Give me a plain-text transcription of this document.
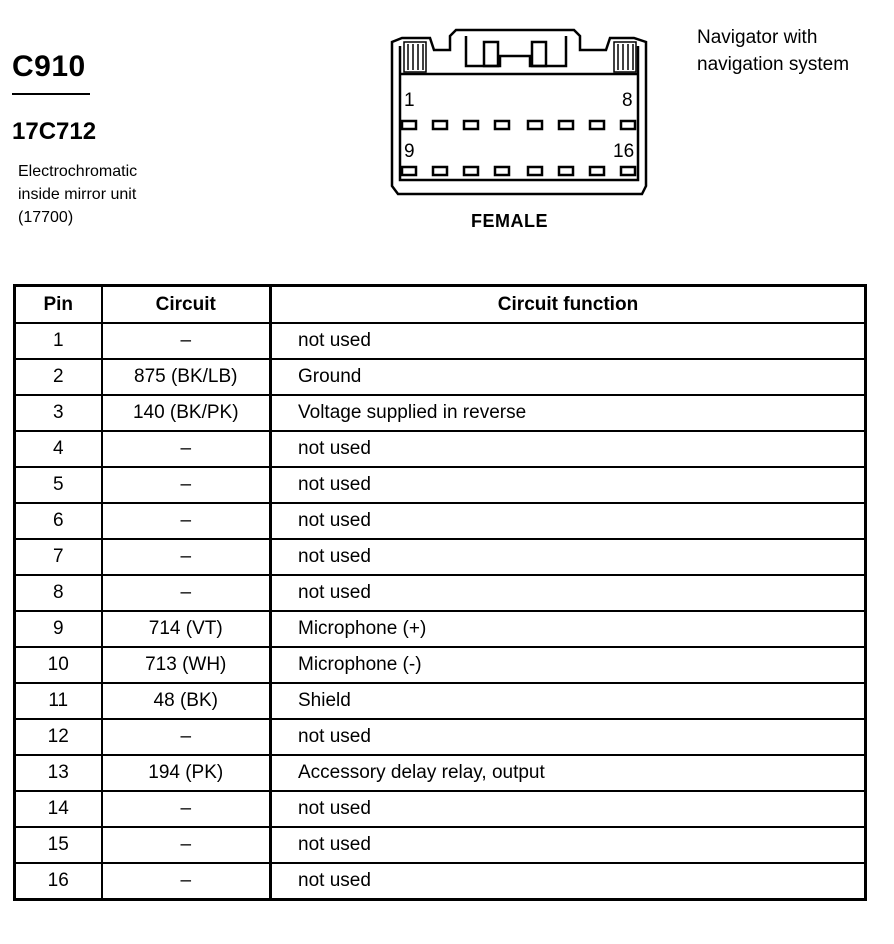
C910
17C712
Electrochromatic
inside mirror unit
(17700)
Navigator with
navigation system
1	8
9	16
FEMALE
Pin	Circuit	Circuit function
1	–	not used
2	875 (BK/LB)	Ground
3	140 (BK/PK)	Voltage supplied in reverse
4	–	not used
5	–	not used
6	–	not used
7	–	not used
8	–	not used
9	714 (VT)	Microphone (+)
10	713 (WH)	Microphone (-)
11	48 (BK)	Shield
12	–	not used
13	194 (PK)	Accessory delay relay, output
14	–	not used
15	–	not used
16	–	not used
